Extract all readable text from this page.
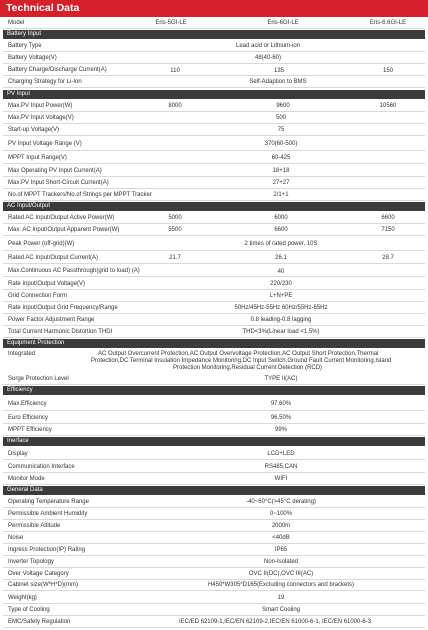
Technical Data
Model	Eris-5GI-LE	Eris-6GI-LE	Eris-6.6GI-LE
Battery Input
Battery Type	Lead acid or Lithium-ion
Battery Voltage(V)	48(40-60)
Battery Charge/Discharge Current(A)	110	135	150
Charging Strategy for Li-Ion	Self-Adaption to BMS
PV Input
Max.PV Input Power(W)	8000	9600	10560
Max.PV Input Voltage(V)	500
Start-up Voltage(V)	75
PV Input Voltage Range (V)	370(60-500)
MPPT Input Range(V)	60-425
Max Operating PV Input Current(A)	18+18
Max.PV Input Short-Circuit Current(A)	27+27
No.of MPPT Trackers/No.of Strings per MPPT Tracker	2/1+1
AC Input/Output
Rated AC Input/Output Active Power(W)	5000	6000	6600
Max. AC Input/Output Apparent Power(W)	5500	6600	7150
Peak Power (off-grid)(W)	2 times of rated power, 10S
Rated AC Input/Output Current(A)	21.7	26.1	28.7
Max.Continuous AC Passthrough(grid to load) (A)	40
Rate Input/Output Voltage(V)	220/230
Grid Connection Form	L+N+PE
Rate Input/Output Grid Frequency/Range	50Hz/45Hz-55Hz 60Hz/55Hz-65Hz
Power Factor Adjustment Range	0.8 leading-0.8 lagging
Total Current Harmonic Distortion THDI	THD<3%(Linear load <1.5%)
Equipment Protection
Integrated	AC Output Overcurrent Protection,AC Output Overvoltage Protection,AC Output Short Protection,Thermal
Protection,DC Terminal Insulation Impedance Monitoring,DC Input Switch,Ground Fault Current Monitoring,Island
Protection Monitoring,Residual Current Detection (RCD)
Surge Protection Level	TYPE II(AC)
Efficiency
Max.Efficiency	97.60%
Euro Efficiency	96.50%
MPPT Efficiency	99%
Inerface
Display	LCD+LED
Communication Interface	RS485,CAN
Monitor Mode	WIFI
General Data
Operating Temperature Range	-40~60°C(>45°C derating)
Permissible Ambient Humidity	0~100%
Permissible Altitude	2000m
Noise	<40dB
Ingress Protection(IP) Rating	IP65
Inverter Topology	Non-Isolated
Over Voltage Category	OVC II(DC),OVC III(AC)
Cabinet size(W*H*D)(mm)	H450*W305*D165(Excluding connectors and brackets)
Weight(kg)	19
Type of Cooling	Smart Cooling
EMC/Safety Regulation	IEC/ED 62109-1,IEC/EN 62109-2,IEC/EN 61000-6-1, IEC/EN 61000-6-3
